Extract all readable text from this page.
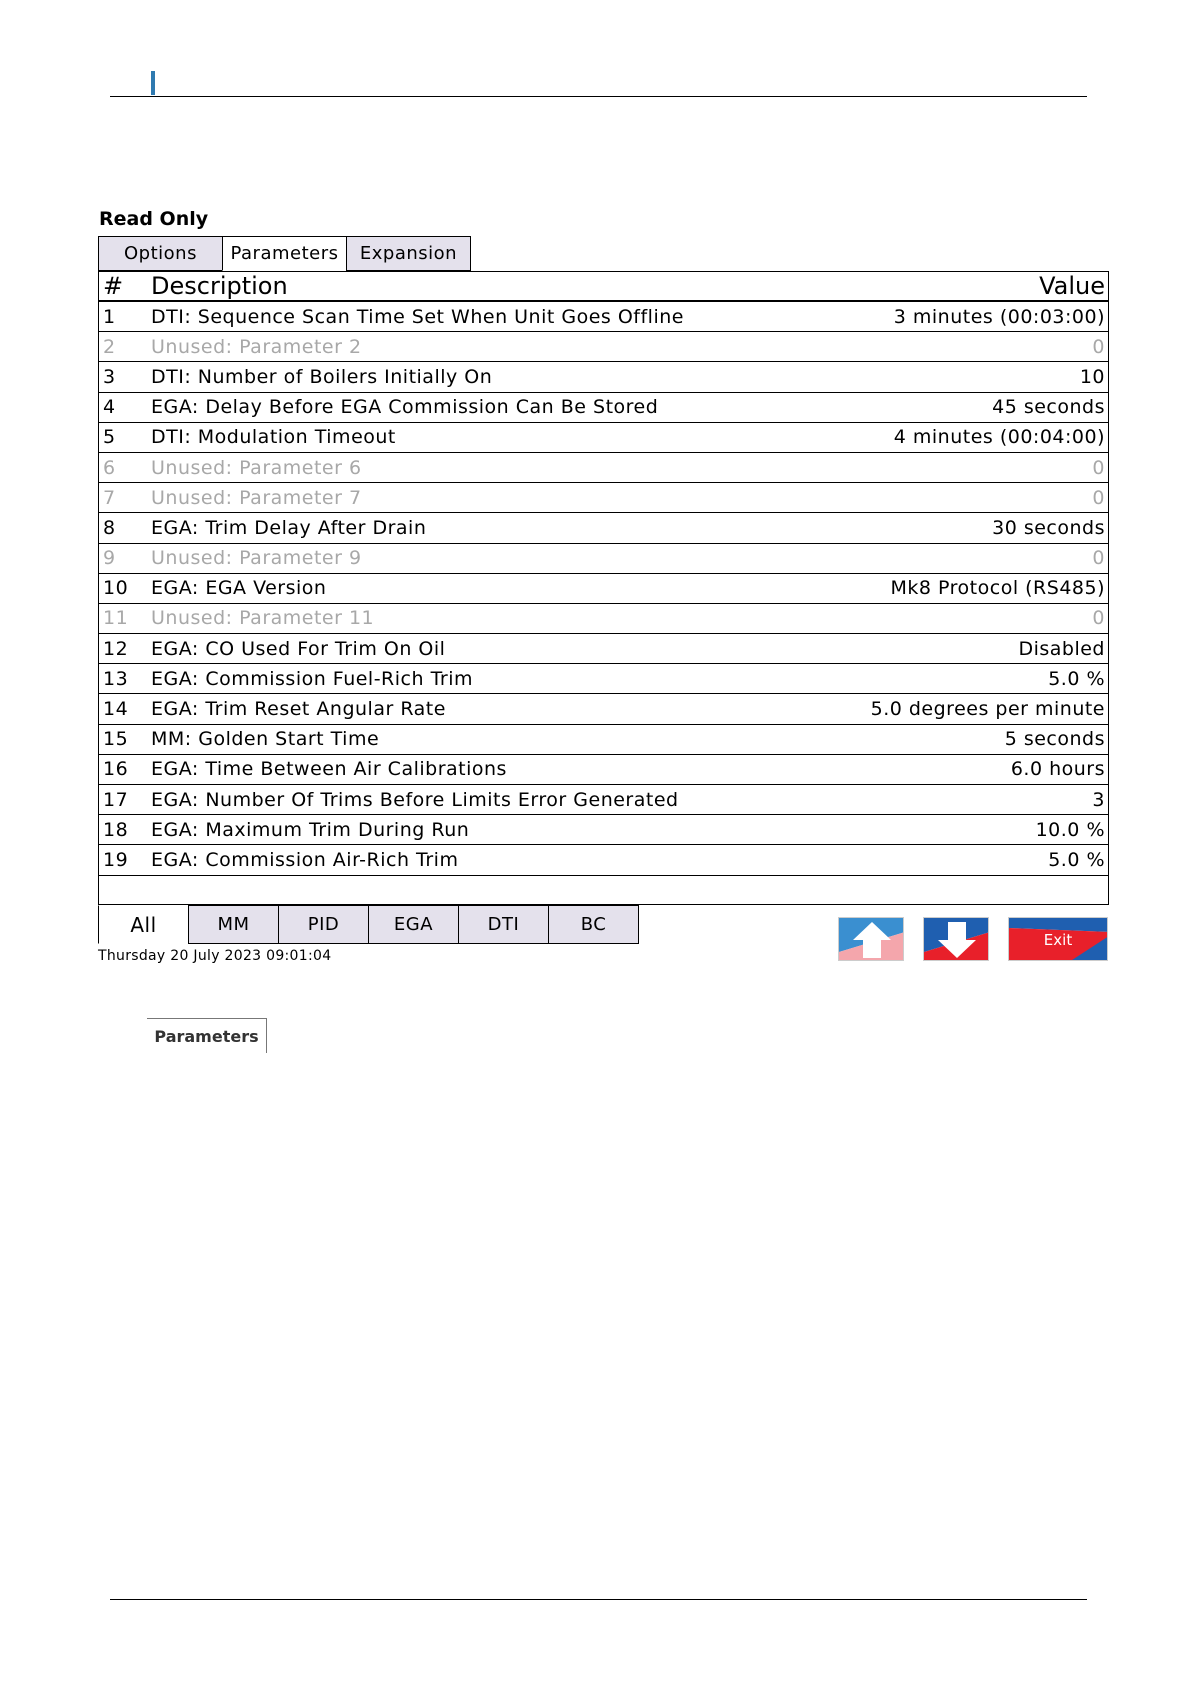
Read Only
Options	Parameters	Expansion
#	Description	Value
1	DTI: Sequence Scan Time Set When Unit Goes Offline	3 minutes (00:03:00)
2	Unused: Parameter 2	0
3	DTI: Number of Boilers Initially On	10
4	EGA: Delay Before EGA Commission Can Be Stored	45 seconds
5	DTI: Modulation Timeout	4 minutes (00:04:00)
6	Unused: Parameter 6	0
7	Unused: Parameter 7	0
8	EGA: Trim Delay After Drain	30 seconds
9	Unused: Parameter 9	0
10	EGA: EGA Version	Mk8 Protocol (RS485)
11	Unused: Parameter 11	0
12	EGA: CO Used For Trim On Oil	Disabled
13	EGA: Commission Fuel-Rich Trim	5.0 %
14	EGA: Trim Reset Angular Rate	5.0 degrees per minute
15	MM: Golden Start Time	5 seconds
16	EGA: Time Between Air Calibrations	6.0 hours
17	EGA: Number Of Trims Before Limits Error Generated	3
18	EGA: Maximum Trim During Run	10.0 %
19	EGA: Commission Air-Rich Trim	5.0 %
All	MM	PID	EGA	DTI	BC
Thursday 20 July 2023 09:01:04
Exit
Parameters
